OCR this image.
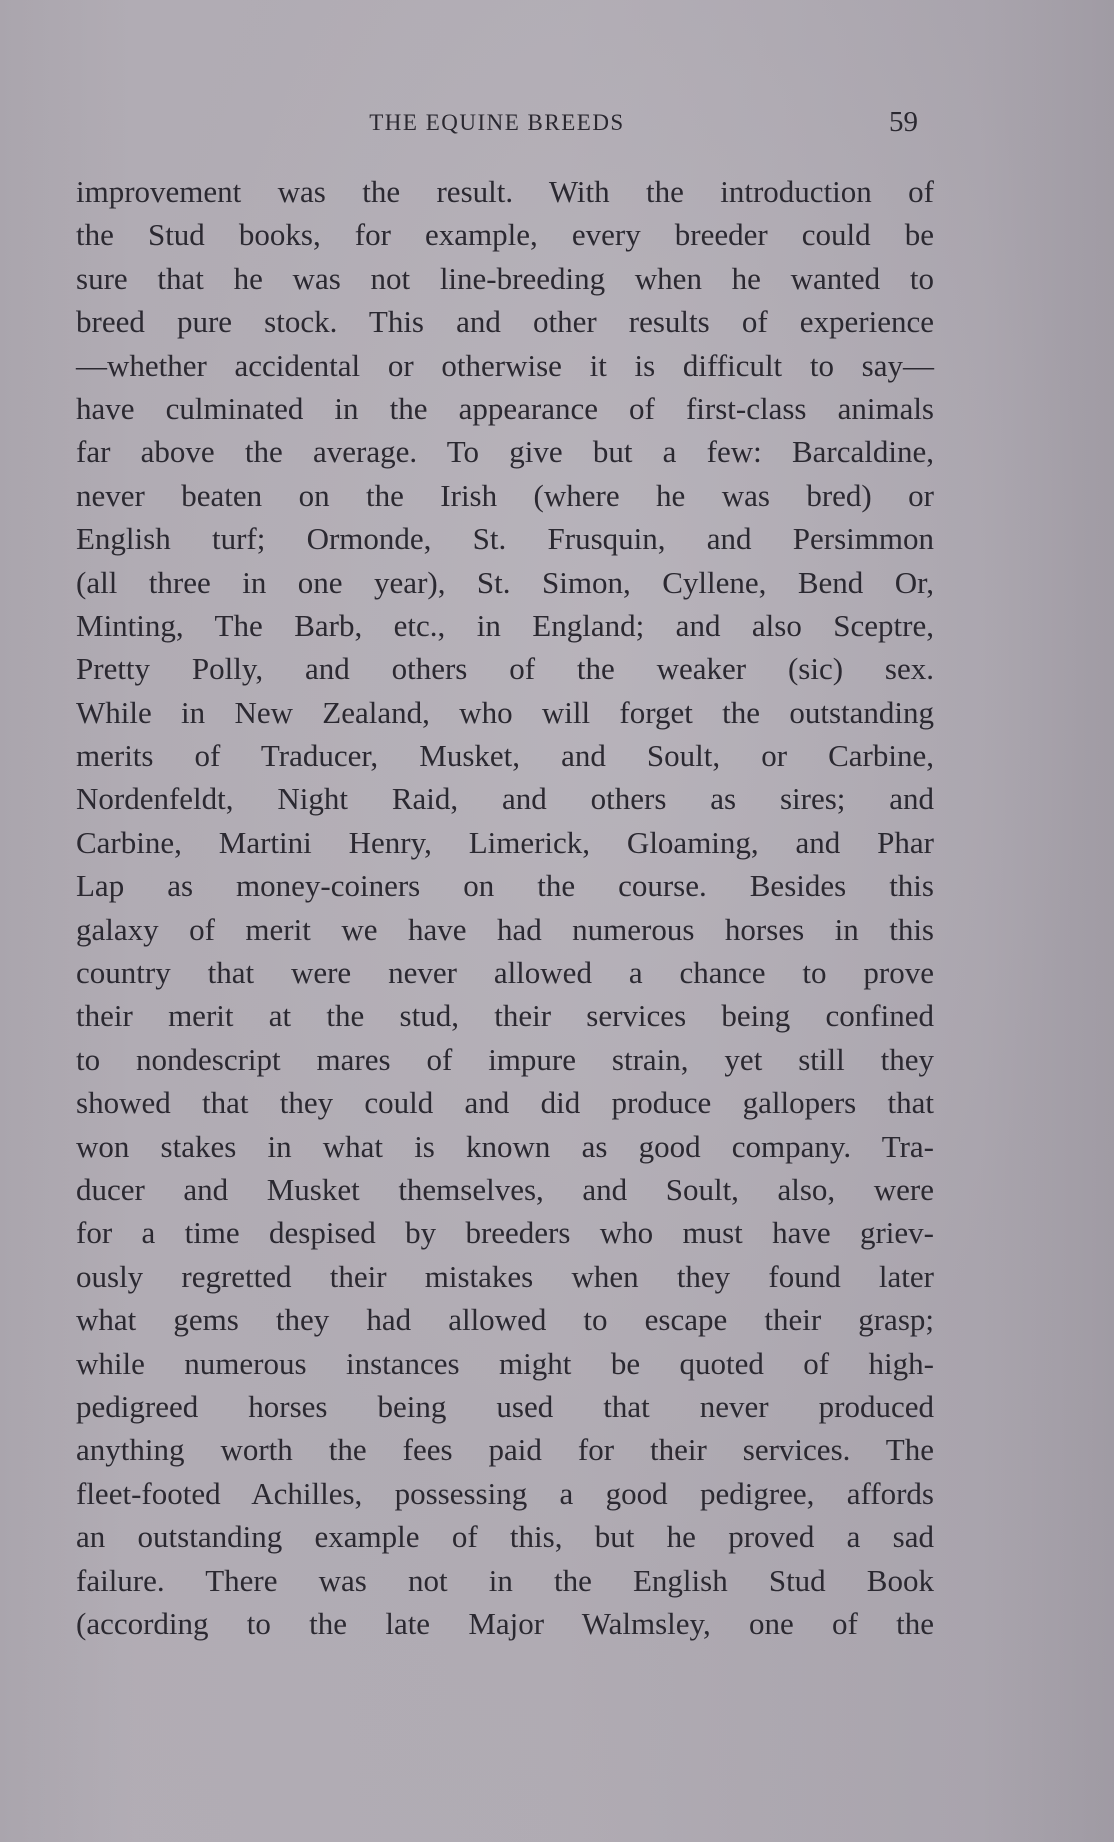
THE EQUINE BREEDS	59
improvement was the result. With the introduction of
the Stud books, for example, every breeder could be
sure that he was not line-breeding when he wanted to
breed pure stock. This and other results of experience
—whether accidental or otherwise it is difficult to say—
have culminated in the appearance of first-class animals
far above the average. To give but a few: Barcaldine,
never beaten on the Irish (where he was bred) or
English turf; Ormonde, St. Frusquin, and Persimmon
(all three in one year), St. Simon, Cyllene, Bend Or,
Minting, The Barb, etc., in England; and also Sceptre,
Pretty Polly, and others of the weaker (sic) sex.
While in New Zealand, who will forget the outstanding
merits of Traducer, Musket, and Soult, or Carbine,
Nordenfeldt, Night Raid, and others as sires; and
Carbine, Martini Henry, Limerick, Gloaming, and Phar
Lap as money-coiners on the course. Besides this
galaxy of merit we have had numerous horses in this
country that were never allowed a chance to prove
their merit at the stud, their services being confined
to nondescript mares of impure strain, yet still they
showed that they could and did produce gallopers that
won stakes in what is known as good company. Tra-
ducer and Musket themselves, and Soult, also, were
for a time despised by breeders who must have griev-
ously regretted their mistakes when they found later
what gems they had allowed to escape their grasp;
while numerous instances might be quoted of high-
pedigreed horses being used that never produced
anything worth the fees paid for their services. The
fleet-footed Achilles, possessing a good pedigree, affords
an outstanding example of this, but he proved a sad
failure. There was not in the English Stud Book
(according to the late Major Walmsley, one of the
